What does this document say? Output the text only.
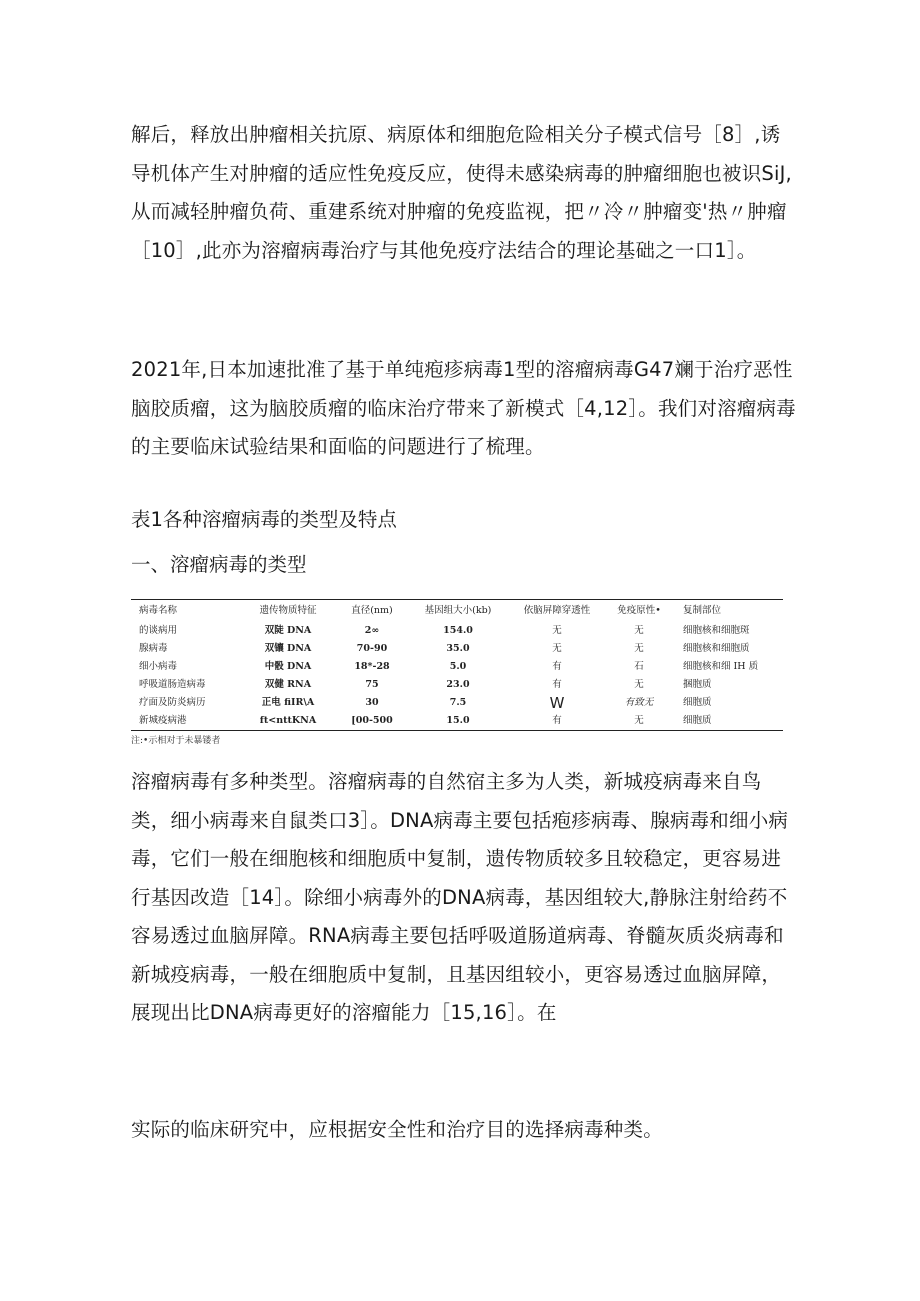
解后，释放出肿瘤相关抗原、病原体和细胞危险相关分子模式信号［8］,诱导机体产生对肿瘤的适应性免疫反应，使得未感染病毒的肿瘤细胞也被识SiJ,从而减轻肿瘤负荷、重建系统对肿瘤的免疫监视，把〃冷〃肿瘤变'热〃肿瘤［10］,此亦为溶瘤病毒治疗与其他免疫疗法结合的理论基础之一口1］。

2021年,日本加速批准了基于单纯疱疹病毒1型的溶瘤病毒G47斓于治疗恶性脑胶质瘤，这为脑胶质瘤的临床治疗带来了新模式［4,12］。我们对溶瘤病毒的主要临床试验结果和面临的问题进行了梳理。

表1各种溶瘤病毒的类型及特点
一、溶瘤病毒的类型
病毒名称	遗传物质特征	直径(nm)	基因组大小(kb)	依脑屏障穿透性	免疫原性•	复制部位
的谈病用	双陡 DNA	2∞	154.0	无	无	细胞核和细胞斑
腺病毒	双镶 DNA	70-90	35.0	无	无	细胞核和细胞质
细小病毒	中骰 DNA	18*-28	5.0	有	石	细胞核和细 IH 质
呼吸道肠造病毒	双健 RNA	75	23.0	有	无	捆胞质
疗面及防炎病历	正电 fiIR\A	30	7.5	W	有致无	细胞质
新城疫病港	ft<nttKNA	[00-500	15.0	有	无	细胞质
注:•示相对于未暴镂者

溶瘤病毒有多种类型。溶瘤病毒的自然宿主多为人类，新城疫病毒来自鸟类，细小病毒来自鼠类口3］。DNA病毒主要包括疱疹病毒、腺病毒和细小病毒，它们一般在细胞核和细胞质中复制，遗传物质较多且较稳定，更容易进行基因改造［14］。除细小病毒外的DNA病毒，基因组较大,静脉注射给药不容易透过血脑屏障。RNA病毒主要包括呼吸道肠道病毒、脊髓灰质炎病毒和新城疫病毒，一般在细胞质中复制，且基因组较小，更容易透过血脑屏障，展现出比DNA病毒更好的溶瘤能力［15,16］。在

实际的临床研究中，应根据安全性和治疗目的选择病毒种类。
